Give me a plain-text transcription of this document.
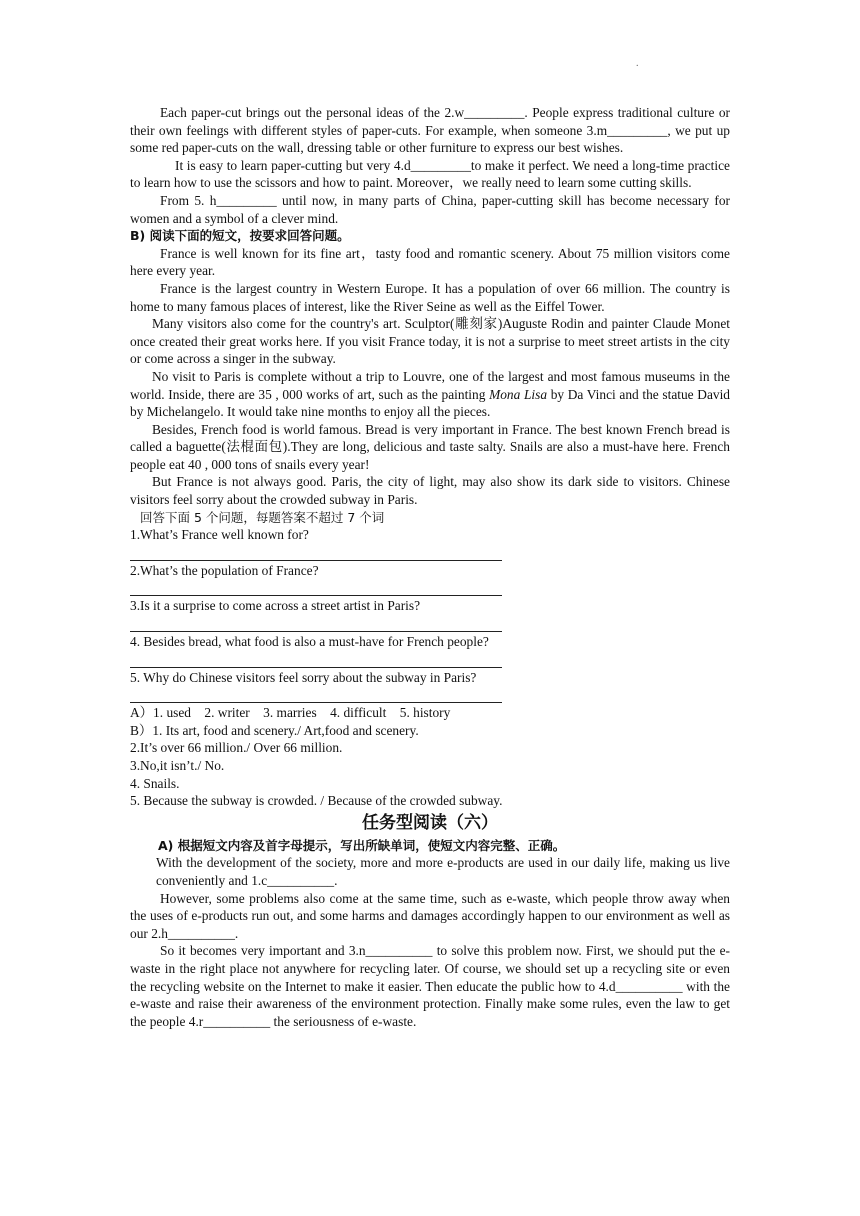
.

Each paper-cut brings out the personal ideas of the 2.w_________. People express traditional culture or their own feelings with different styles of paper-cuts. For example, when someone 3.m_________, we put up some red paper-cuts on the wall, dressing table or other furniture to express our best wishes.

It is easy to learn paper-cutting but very 4.d_________to make it perfect. We need a long-time practice to learn how to use the scissors and how to paint. Moreover，we really need to learn some cutting skills.

From 5. h_________ until now, in many parts of China, paper-cutting skill has become necessary for women and a symbol of a clever mind.

B) 阅读下面的短文，按要求回答问题。

France is well known for its fine art，tasty food and romantic scenery. About 75 million visitors come here every year.

France is the largest country in Western Europe. It has a population of over 66 million. The country is home to many famous places of interest, like the River Seine as well as the Eiffel Tower.

Many visitors also come for the country's art. Sculptor(雕刻家)Auguste Rodin and painter Claude Monet once created their great works here. If you visit France today, it is not a surprise to meet street artists in the city or come across a singer in the subway.

No visit to Paris is complete without a trip to Louvre, one of the largest and most famous museums in the world. Inside, there are 35 , 000 works of art, such as the painting Mona Lisa by Da Vinci and the statue David by Michelangelo. It would take nine months to enjoy all the pieces.

Besides, French food is world famous. Bread is very important in France. The best known French bread is called a baguette(法棍面包).They are long, delicious and taste salty. Snails are also a must-have here. French people eat 40 , 000 tons of snails every year!

But France is not always good. Paris, the city of light, may also show its dark side to visitors. Chinese visitors feel sorry about the crowded subway in Paris.

回答下面 5 个问题，每题答案不超过 7 个词

1.What’s France well known for?

2.What’s the population of France?

3.Is it a surprise to come across a street artist in Paris?

4. Besides bread, what food is also a must-have for French people?

5. Why do Chinese visitors feel sorry about the subway in Paris?

A）1. used    2. writer    3. marries    4. difficult    5. history

B）1. Its art, food and scenery./ Art,food and scenery.

2.It’s over 66 million./ Over 66 million.

3.No,it isn’t./ No.

4. Snails.

5. Because the subway is crowded. / Because of the crowded subway.

任务型阅读（六）

A) 根据短文内容及首字母提示，写出所缺单词，使短文内容完整、正确。

With the development of the society, more and more e-products are used in our daily life, making us live conveniently and 1.c__________.

However, some problems also come at the same time, such as e-waste, which people throw away when the uses of e-products run out, and some harms and damages accordingly happen to our environment as well as our 2.h__________.

So it becomes very important and 3.n__________ to solve this problem now. First, we should put the e-waste in the right place not anywhere for recycling later. Of course, we should set up a recycling site or even the recycling website on the Internet to make it easier. Then educate the public how to 4.d__________ with the e-waste and raise their awareness of the environment protection. Finally make some rules, even the law to get the people 4.r__________ the seriousness of e-waste.
